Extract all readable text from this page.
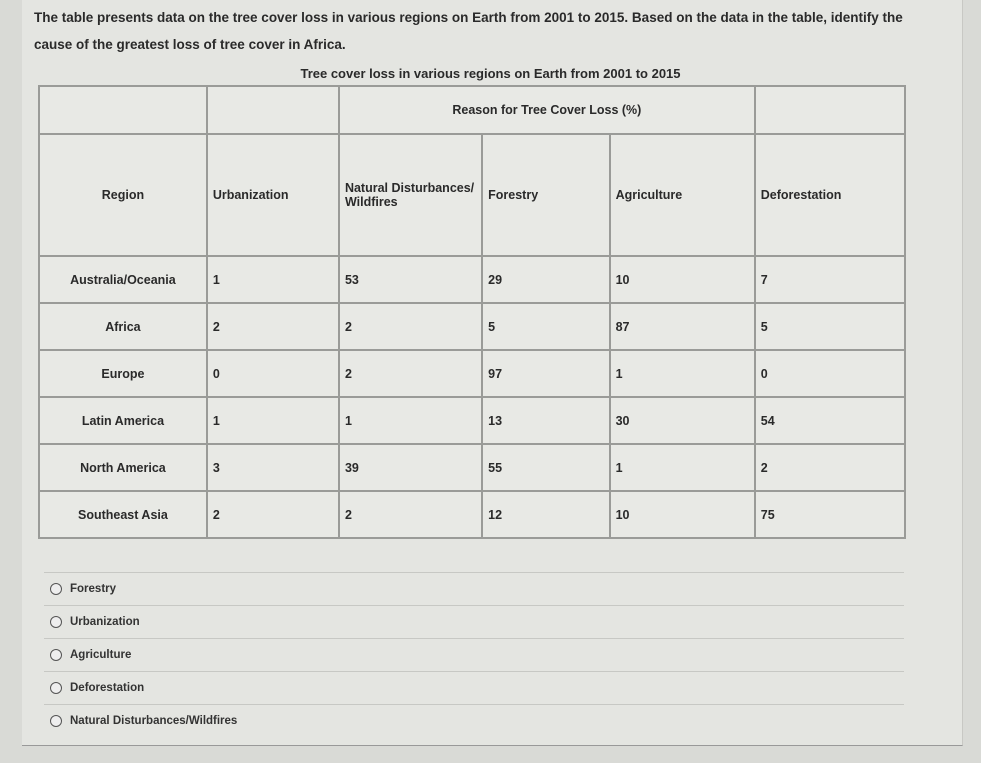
The table presents data on the tree cover loss in various regions on Earth from 2001 to 2015. Based on the data in the table, identify the cause of the greatest loss of tree cover in Africa.
Tree cover loss in various regions on Earth from 2001 to 2015
		Reason for Tree Cover Loss (%)			
Region	Urbanization	Natural Disturbances/ Wildfires	Forestry	Agriculture	Deforestation
Australia/Oceania	1	53	29	10	7
Africa	2	2	5	87	5
Europe	0	2	97	1	0
Latin America	1	1	13	30	54
North America	3	39	55	1	2
Southeast Asia	2	2	12	10	75
Forestry
Urbanization
Agriculture
Deforestation
Natural Disturbances/Wildfires
